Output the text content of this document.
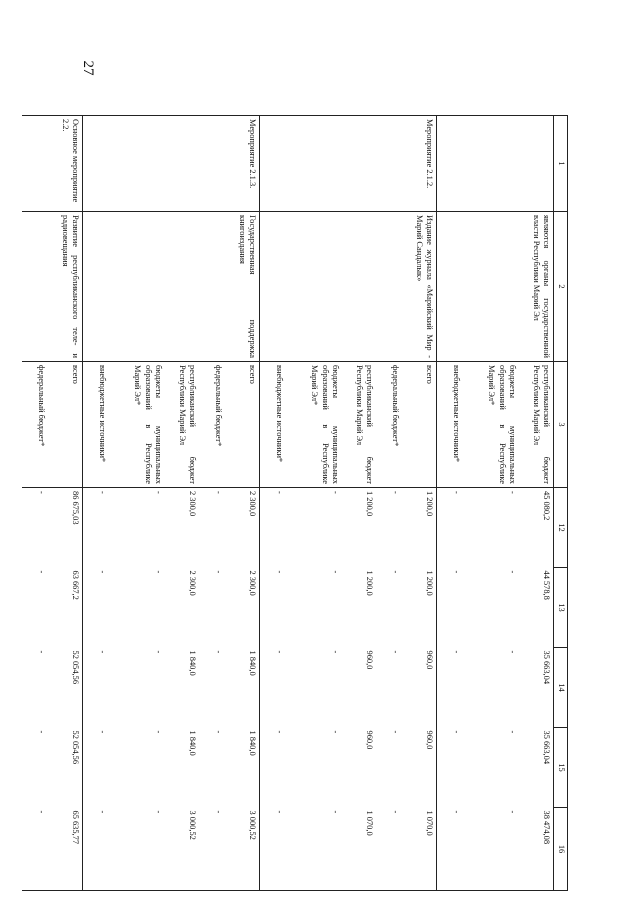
27
1	2	3	12	13	14	15	16
	являются органы государственной власти Республики Марий Эл	республиканский бюджет Республики Марий Эл	45 080,2	44 578,8	35 663,04	35 663,04	38 474,08
		бюджеты муниципальных образований в Республике Марий Эл*	-	-	-	-	-
		внебюджетные источники*	-	-	-	-	-
Мероприятие 2.1.2.	Издание журнала «Марийский Мир - Марий Сандалык»	всего	1 200,0	1 200,0	960,0	960,0	1 070,0
		федеральный бюджет*	-	-	-	-	-
		республиканский бюджет Республики Марий Эл	1 200,0	1 200,0	960,0	960,0	1 070,0
		бюджеты муниципальных образований в Республике Марий Эл*	-	-	-	-	-
		внебюджетные источники*	-	-	-	-	-
Мероприятие 2.1.3.	Государственная поддержка книгоиздания	всего	2 300,0	2 300,0	1 840,0	1 840,0	3 000,52
		федеральный бюджет*	-	-	-	-	-
		республиканский бюджет Республики Марий Эл	2 300,0	2 300,0	1 840,0	1 840,0	3 000,52
		бюджеты муниципальных образований в Республике Марий Эл*	-	-	-	-	-
		внебюджетные источники*	-	-	-	-	-
Основное мероприятие 2.2.	Развитие республиканского теле- и радиовещания	всего	86 675,03	63 667,2	52 054,56	52 054,56	65 635,77
		федеральный бюджет*	-	-	-	-	-
